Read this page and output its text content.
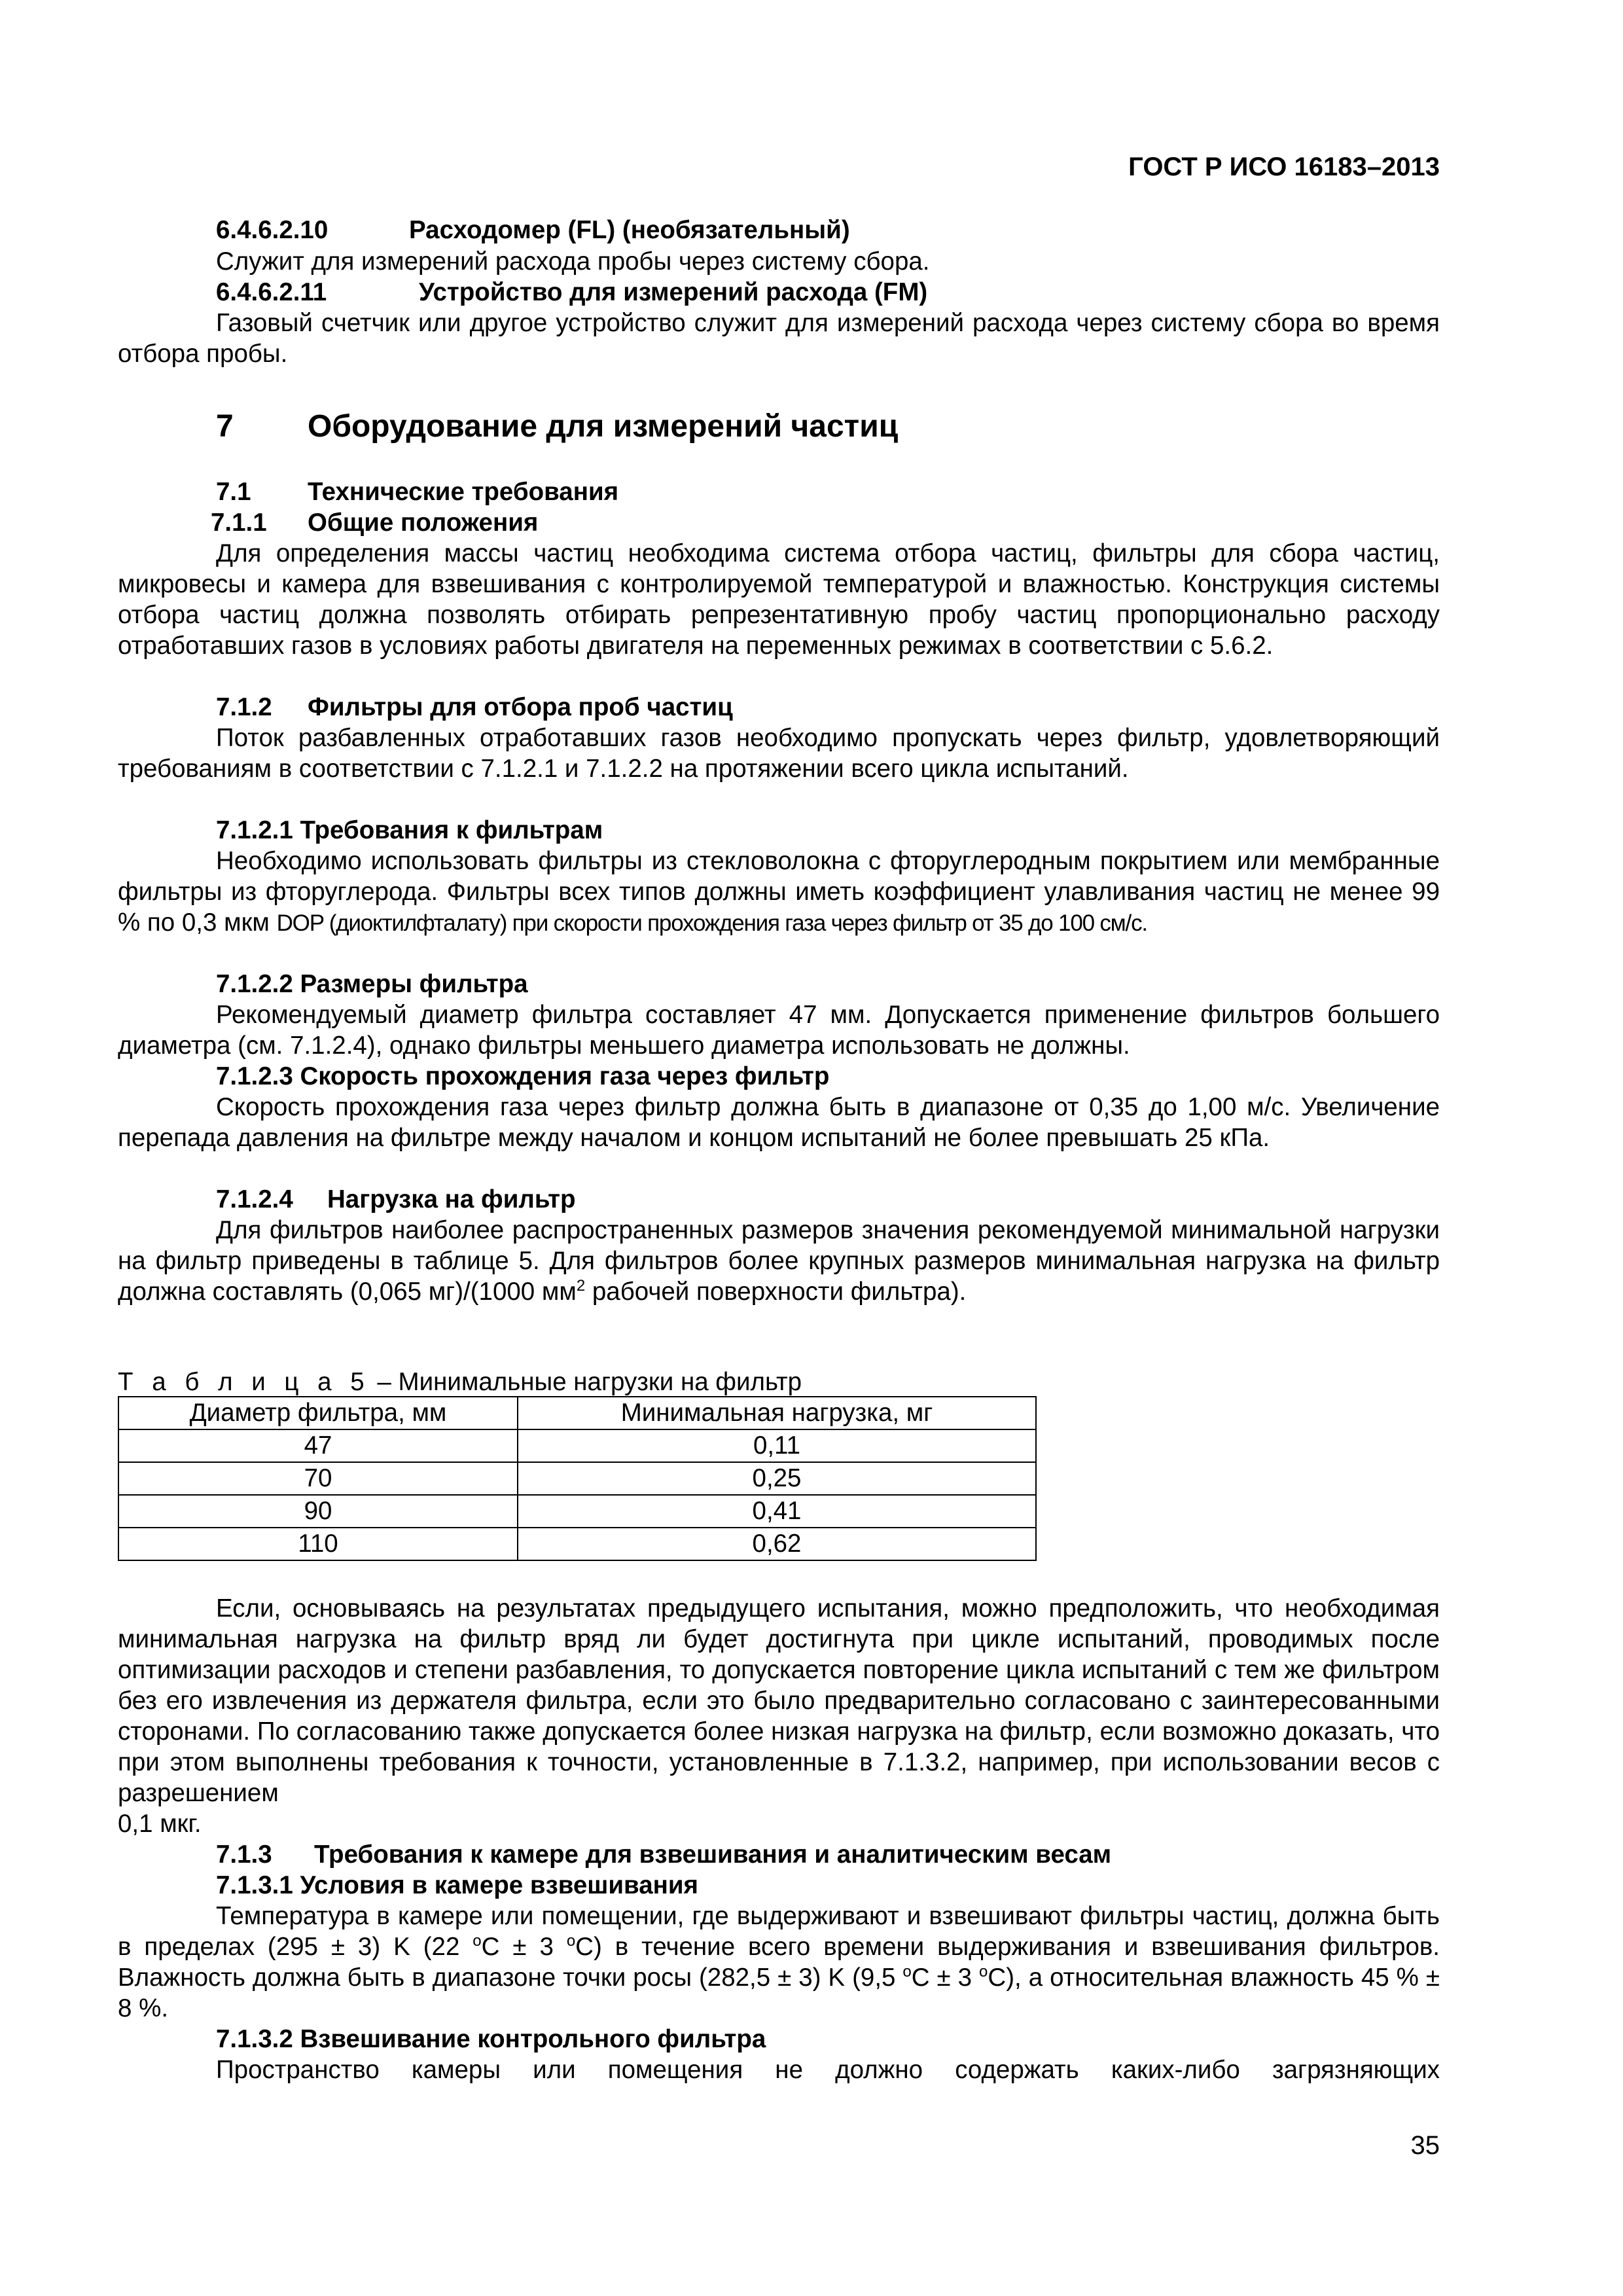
ГОСТ Р ИСО 16183–2013
6.4.6.2.10	Расходомер (FL) (необязательный)
Служит для измерений расхода пробы через систему сбора.
6.4.6.2.11	Устройство для измерений расхода (FM)
Газовый счетчик или другое устройство служит для измерений расхода через систему сбора во время отбора пробы.
7 Оборудование для измерений частиц
7.1 Технические требования
7.1.1 Общие положения
Для определения массы частиц необходима система отбора частиц, фильтры для сбора частиц, микровесы и камера для взвешивания с контролируемой температурой и влажностью. Конструкция системы отбора частиц должна позволять отбирать репрезентативную пробу частиц пропорционально расходу отработавших газов в условиях работы двигателя на переменных режимах в соответствии с 5.6.2.
7.1.2 Фильтры для отбора проб частиц
Поток разбавленных отработавших газов необходимо пропускать через фильтр, удовлетворяющий требованиям в соответствии с 7.1.2.1 и 7.1.2.2 на протяжении всего цикла испытаний.
7.1.2.1 Требования к фильтрам
Необходимо использовать фильтры из стекловолокна с фторуглеродным покрытием или мембранные фильтры из фторуглерода. Фильтры всех типов должны иметь коэффициент улавливания частиц не менее 99 % по 0,3 мкм DOP (диоктилфталату) при скорости прохождения газа через фильтр от 35 до 100 см/с.
7.1.2.2 Размеры фильтра
Рекомендуемый диаметр фильтра составляет 47 мм. Допускается применение фильтров большего диаметра (см. 7.1.2.4), однако фильтры меньшего диаметра использовать не должны.
7.1.2.3 Скорость прохождения газа через фильтр
Скорость прохождения газа через фильтр должна быть в диапазоне от 0,35 до 1,00 м/с. Увеличение перепада давления на фильтре между началом и концом испытаний не более превышать 25 кПа.
7.1.2.4 Нагрузка на фильтр
Для фильтров наиболее распространенных размеров значения рекомендуемой минимальной нагрузки на фильтр приведены в таблице 5. Для фильтров более крупных размеров минимальная нагрузка на фильтр должна составлять (0,065 мг)/(1000 $мм^2$ рабочей поверхности фильтра).
Т а б л и ц а 5 – Минимальные нагрузки на фильтр
Диаметр фильтра, мм	Минимальная нагрузка, мг
47	0,11
70	0,25
90	0,41
110	0,62
Если, основываясь на результатах предыдущего испытания, можно предположить, что необходимая минимальная нагрузка на фильтр вряд ли будет достигнута при цикле испытаний, проводимых после оптимизации расходов и степени разбавления, то допускается повторение цикла испытаний с тем же фильтром без его извлечения из держателя фильтра, если это было предварительно согласовано с заинтересованными сторонами. По согласованию также допускается более низкая нагрузка на фильтр, если возможно доказать, что при этом выполнены требования к точности, установленные в 7.1.3.2, например, при использовании весов с разрешением
0,1 мкг.
7.1.3 Требования к камере для взвешивания и аналитическим весам
7.1.3.1 Условия в камере взвешивания
Температура в камере или помещении, где выдерживают и взвешивают фильтры частиц, должна быть в пределах (295 ± 3) K (22 $^o$C ± 3 $^o$C) в течение всего времени выдерживания и взвешивания фильтров. Влажность должна быть в диапазоне точки росы (282,5 ± 3) K (9,5 $^o$C ± 3 $^o$C), а относительная влажность 45 % ± 8 %.
7.1.3.2 Взвешивание контрольного фильтра
Пространство камеры или помещения не должно содержать каких-либо загрязняющих
35
